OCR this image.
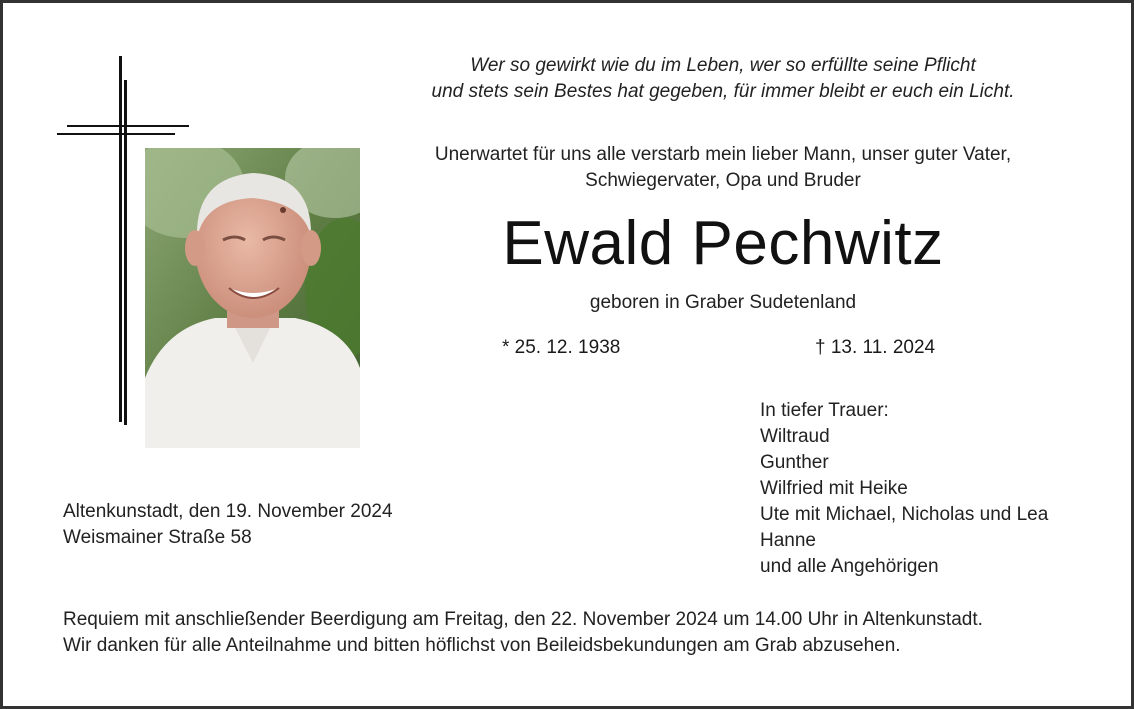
Wer so gewirkt wie du im Leben, wer so erfüllte seine Pflicht
und stets sein Bestes hat gegeben, für immer bleibt er euch ein Licht.
Unerwartet für uns alle verstarb mein lieber Mann, unser guter Vater,
Schwiegervater, Opa und Bruder
Ewald Pechwitz
geboren in Graber Sudetenland
* 25. 12. 1938	† 13. 11. 2024
In tiefer Trauer:
Wiltraud
Gunther
Wilfried mit Heike
Ute mit Michael, Nicholas und Lea
Hanne
und alle Angehörigen
Altenkunstadt, den 19. November 2024
Weismainer Straße 58
Requiem mit anschließender Beerdigung am Freitag, den 22. November 2024 um 14.00 Uhr in Altenkunstadt.
Wir danken für alle Anteilnahme und bitten höflichst von Beileidsbekundungen am Grab abzusehen.
